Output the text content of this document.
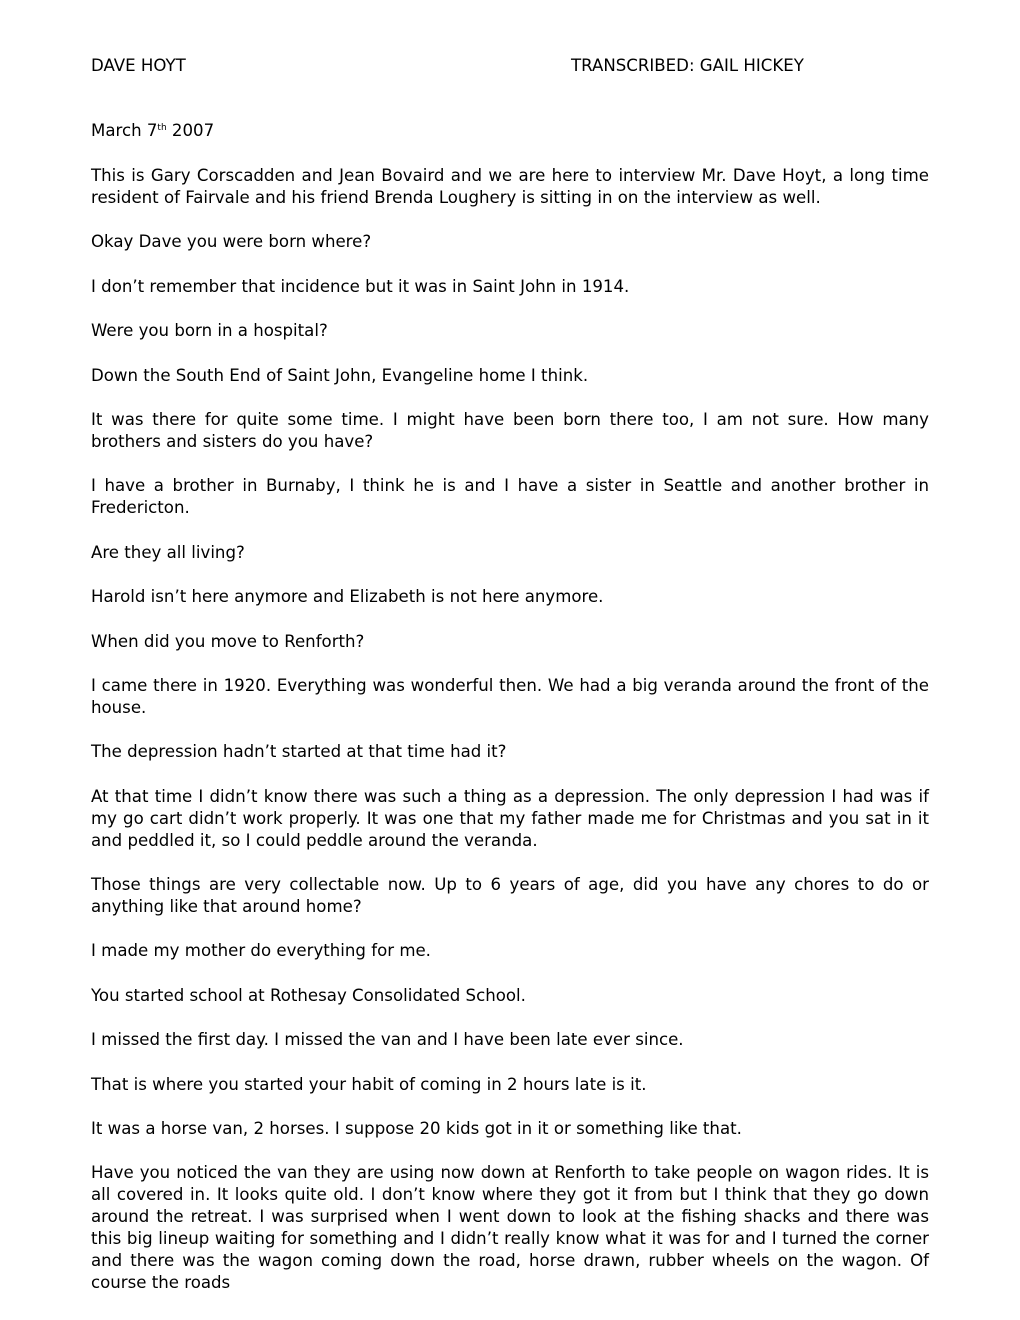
DAVE HOYT	TRANSCRIBED: GAIL HICKEY
March 7th 2007

This is Gary Corscadden and Jean Bovaird and we are here to interview Mr. Dave Hoyt, a long time resident of Fairvale and his friend Brenda Loughery is sitting in on the interview as well.

Okay Dave you were born where?

I don’t remember that incidence but it was in Saint John in 1914.

Were you born in a hospital?

Down the South End of Saint John, Evangeline home I think.

It was there for quite some time. I might have been born there too, I am not sure. How many brothers and sisters do you have?

I have a brother in Burnaby, I think he is and I have a sister in Seattle and another brother in Fredericton.

Are they all living?

Harold isn’t here anymore and Elizabeth is not here anymore.

When did you move to Renforth?

I came there in 1920. Everything was wonderful then. We had a big veranda around the front of the house.

The depression hadn’t started at that time had it?

At that time I didn’t know there was such a thing as a depression. The only depression I had was if my go cart didn’t work properly. It was one that my father made me for Christmas and you sat in it and peddled it, so I could peddle around the veranda.

Those things are very collectable now. Up to 6 years of age, did you have any chores to do or anything like that around home?

I made my mother do everything for me.

You started school at Rothesay Consolidated School.

I missed the first day. I missed the van and I have been late ever since.

That is where you started your habit of coming in 2 hours late is it.

It was a horse van, 2 horses. I suppose 20 kids got in it or something like that.

Have you noticed the van they are using now down at Renforth to take people on wagon rides. It is all covered in. It looks quite old. I don’t know where they got it from but I think that they go down around the retreat. I was surprised when I went down to look at the fishing shacks and there was this big lineup waiting for something and I didn’t really know what it was for and I turned the corner and there was the wagon coming down the road, horse drawn, rubber wheels on the wagon. Of course the roads
